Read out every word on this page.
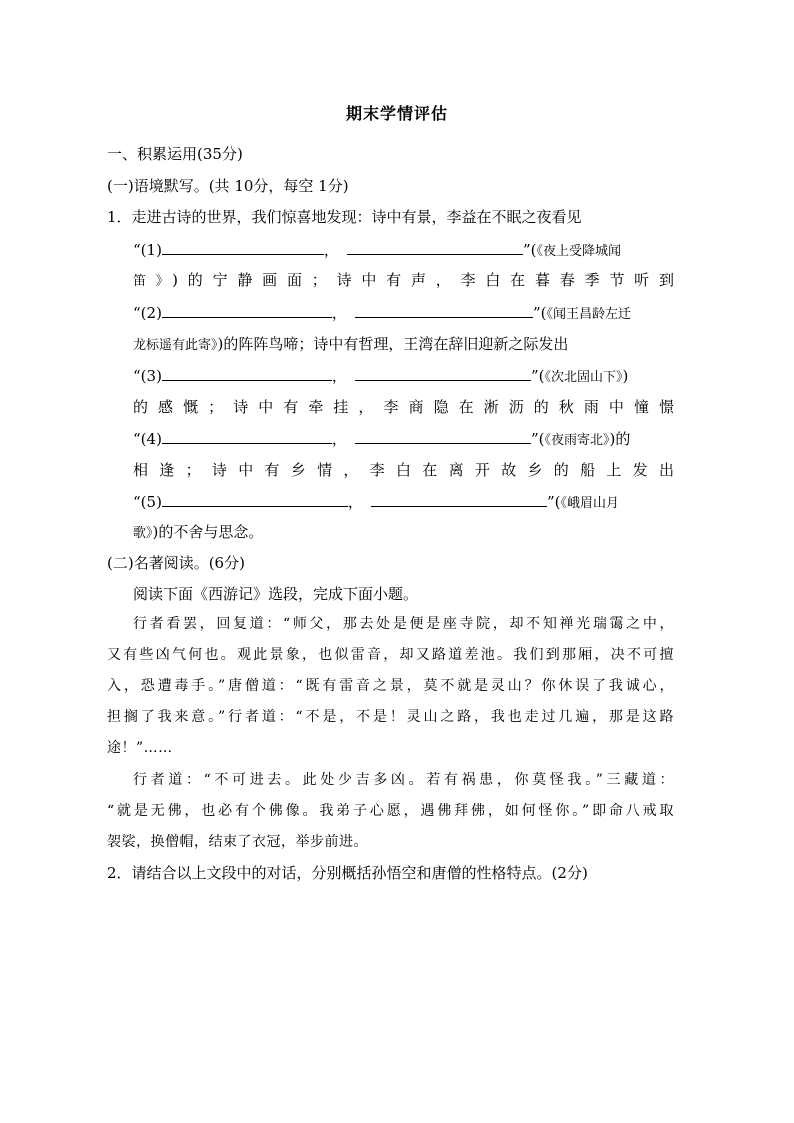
期末学情评估
一、积累运用(35分)
(一)语境默写。(共 10分，每空 1分)
1．走进古诗的世界，我们惊喜地发现：诗中有景，李益在不眠之夜看见
“(1)	，	”(《夜上受降城闻
笛》)的宁静画面；诗中有声，李白在暮春季节听到
“(2)	，	”(《闻王昌龄左迁
龙标遥有此寄》)的阵阵鸟啼；诗中有哲理，王湾在辞旧迎新之际发出
“(3)	，	”(《次北固山下》)
的感慨；诗中有牵挂，李商隐在淅沥的秋雨中憧憬
“(4)	，	”(《夜雨寄北》)的
相逢；诗中有乡情，李白在离开故乡的船上发出
“(5)	，	”(《峨眉山月
歌》)的不舍与思念。
(二)名著阅读。(6分)
阅读下面《西游记》选段，完成下面小题。
行者看罢，回复道：“师父，那去处是便是座寺院，却不知禅光瑞霭之中，
又有些凶气何也。观此景象，也似雷音，却又路道差池。我们到那厢，决不可擅
入，恐遭毒手。”唐僧道：“既有雷音之景，莫不就是灵山？你休误了我诚心，
担搁了我来意。”行者道：“不是，不是！灵山之路，我也走过几遍，那是这路
途！”……
行者道：“不可进去。此处少吉多凶。若有祸患，你莫怪我。”三藏道：
“就是无佛，也必有个佛像。我弟子心愿，遇佛拜佛，如何怪你。”即命八戒取
袈裟，换僧帽，结束了衣冠，举步前进。
2．请结合以上文段中的对话，分别概括孙悟空和唐僧的性格特点。(2分)
